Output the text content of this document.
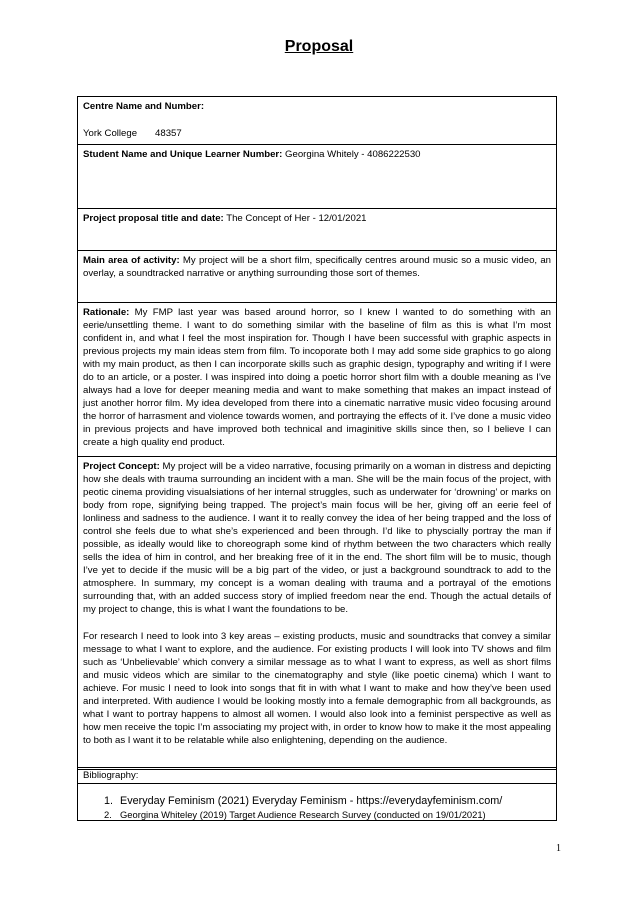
Proposal
Centre Name and Number:
York College 48357
Student Name and Unique Learner Number: Georgina Whitely - 4086222530
Project proposal title and date: The Concept of Her - 12/01/2021

Main area of activity: My project will be a short film, specifically centres around music so a music video, an overlay, a soundtracked narrative or anything surrounding those sort of themes.

Rationale: My FMP last year was based around horror, so I knew I wanted to do something with an eerie/unsettling theme. I want to do something similar with the baseline of film as this is what I’m most confident in, and what I feel the most inspiration for. Though I have been successful with graphic aspects in previous projects my main ideas stem from film. To incoporate both I may add some side graphics to go along with my main product, as then I can incorporate skills such as graphic design, typography and writing if I were do to an article, or a poster. I was inspired into doing a poetic horror short film with a double meaning as I’ve always had a love for deeper meaning media and want to make something that makes an impact instead of just another horror film. My idea developed from there into a cinematic narrative music video focusing around the horror of harrasment and violence towards women, and portraying the effects of it. I’ve done a music video in previous projects and have improved both technical and imaginitive skills since then, so I believe I can create a high quality end product.

Project Concept: My project will be a video narrative, focusing primarily on a woman in distress and depicting how she deals with trauma surrounding an incident with a man. She will be the main focus of the project, with peotic cinema providing visualsiations of her internal struggles, such as underwater for ‘drowning’ or marks on body from rope, signifying being trapped. The project’s main focus will be her, giving off an eerie feel of lonliness and sadness to the audience. I want it to really convey the idea of her being trapped and the loss of control she feels due to what she’s experienced and been through. I’d like to physcially portray the man if possible, as ideally would like to choreograph some kind of rhythm between the two characters which really sells the idea of him in control, and her breaking free of it in the end. The short film will be to music, though I’ve yet to decide if the music will be a big part of the video, or just a background soundtrack to add to the atmosphere. In summary, my concept is a woman dealing with trauma and a portrayal of the emotions surrounding that, with an added success story of implied freedom near the end. Though the actual details of my project to change, this is what I want the foundations to be.

For research I need to look into 3 key areas – existing products, music and soundtracks that convey a similar message to what I want to explore, and the audience. For existing products I will look into TV shows and film such as ‘Unbelievable’ which convery a similar message as to what I want to express, as well as short films and music videos which are similar to the cinematography and style (like poetic cinema) which I want to achieve. For music I need to look into songs that fit in with what I want to make and how they’ve been used and interpreted. With audience I would be looking mostly into a female demographic from all backgrounds, as what I want to portray happens to almost all women. I would also look into a feminist perspective as well as how men receive the topic I’m associating my project with, in order to know how to make it the most appealing to both as I want it to be relatable while also enlightening, depending on the audience.

Bibliography:
1. Everyday Feminism (2021) Everyday Feminism - https://everydayfeminism.com/
2. Georgina Whiteley (2019) Target Audience Research Survey (conducted on 19/01/2021)
1
